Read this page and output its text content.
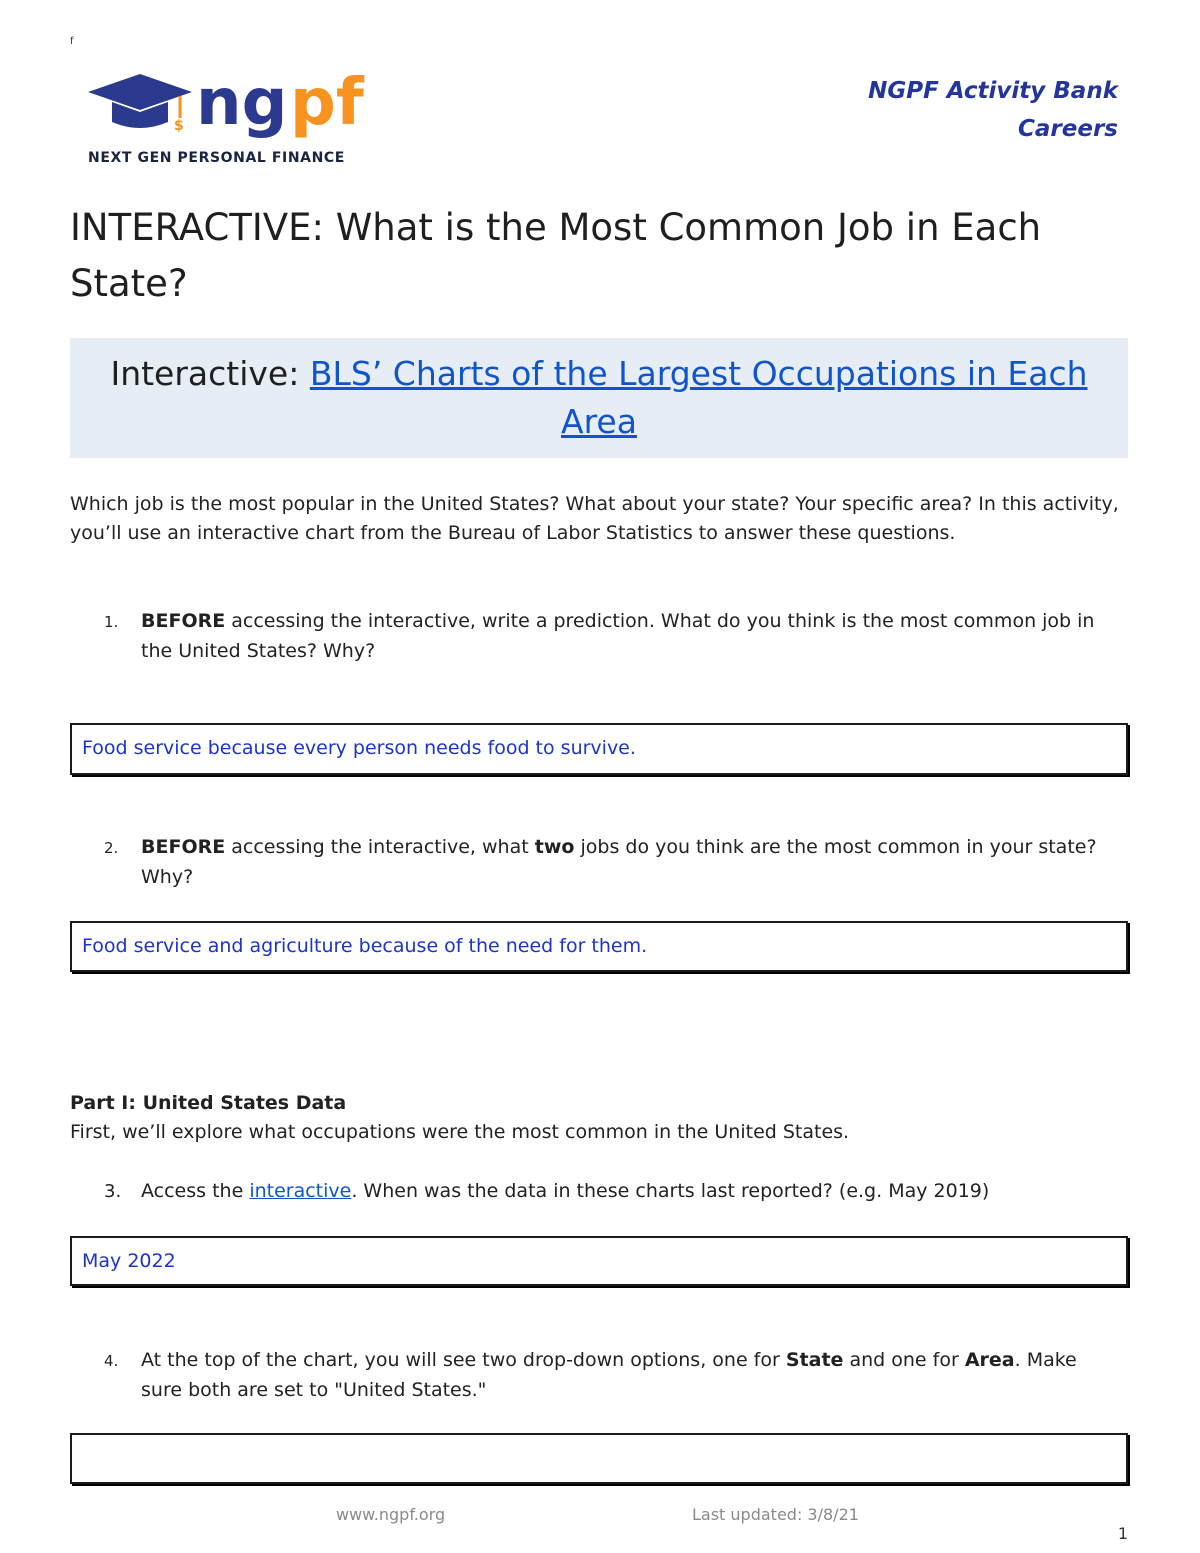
f
$ ng pf
NEXT GEN PERSONAL FINANCE
NGPF Activity Bank
Careers
INTERACTIVE: What is the Most Common Job in Each State?
Interactive: BLS’ Charts of the Largest Occupations in Each Area
Which job is the most popular in the United States? What about your state? Your specific area? In this activity, you’ll use an interactive chart from the Bureau of Labor Statistics to answer these questions.
1. BEFORE accessing the interactive, write a prediction. What do you think is the most common job in the United States? Why?
Food service because every person needs food to survive.
2. BEFORE accessing the interactive, what two jobs do you think are the most common in your state? Why?
Food service and agriculture because of the need for them.
Part I: United States Data
First, we’ll explore what occupations were the most common in the United States.
3. Access the interactive. When was the data in these charts last reported? (e.g. May 2019)
May 2022
4. At the top of the chart, you will see two drop-down options, one for State and one for Area. Make sure both are set to "United States."
www.ngpf.org	Last updated: 3/8/21
1
